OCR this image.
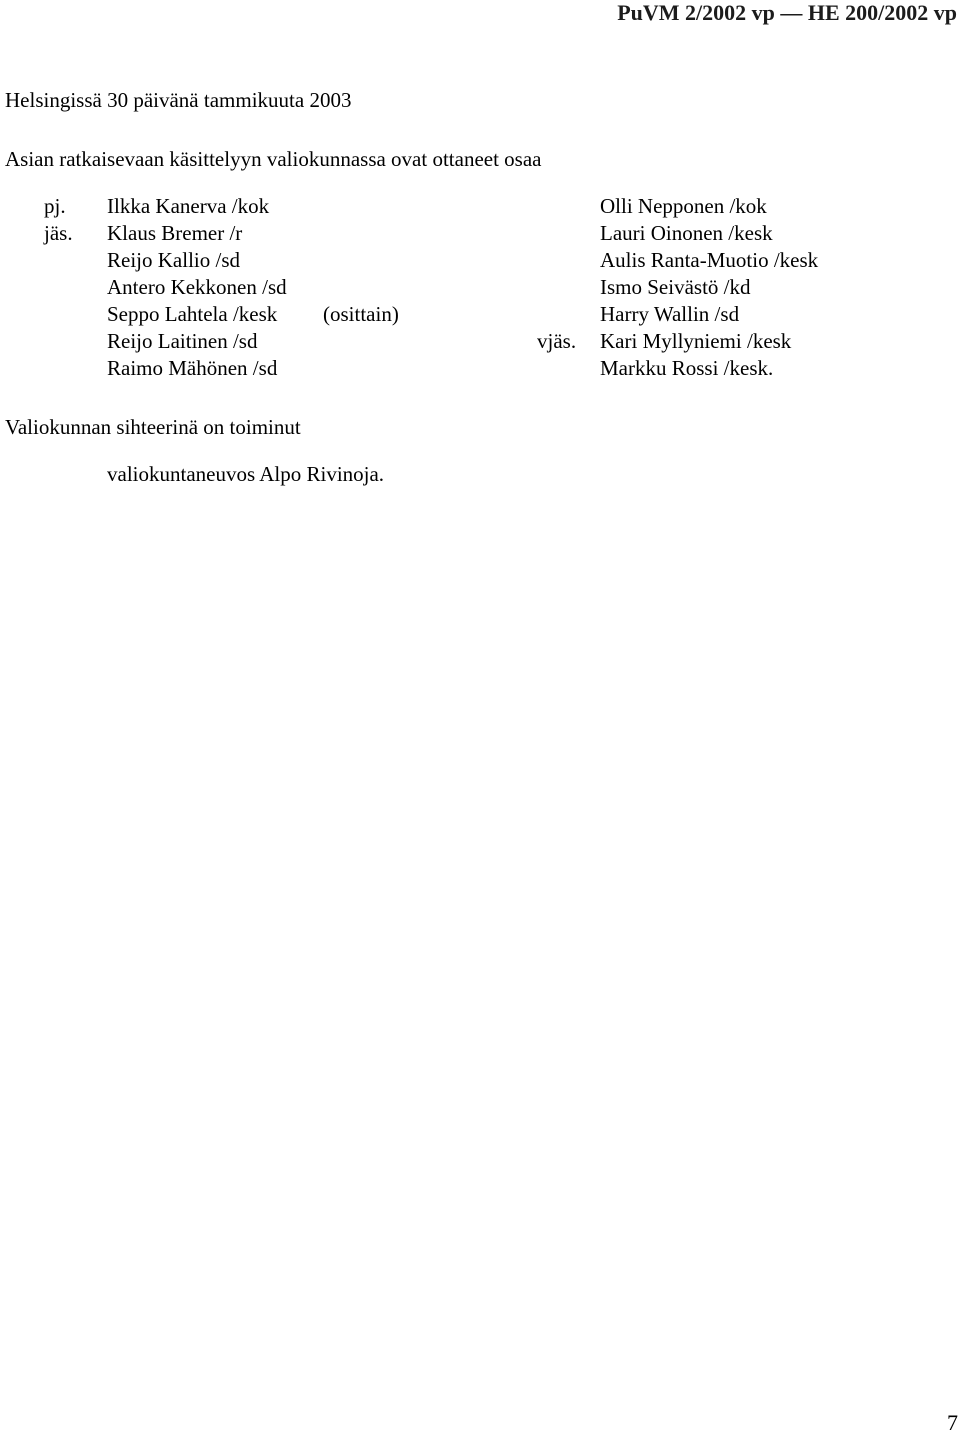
PuVM 2/2002 vp — HE 200/2002 vp
Helsingissä 30 päivänä tammikuuta 2003
Asian ratkaisevaan käsittelyyn valiokunnassa ovat ottaneet osaa
pj. Ilkka Kanerva /kok	Olli Nepponen /kok
jäs. Klaus Bremer /r	Lauri Oinonen /kesk
Reijo Kallio /sd	Aulis Ranta-Muotio /kesk
Antero Kekkonen /sd	Ismo Seivästö /kd
Seppo Lahtela /kesk (osittain)	Harry Wallin /sd
Reijo Laitinen /sd	vjäs. Kari Myllyniemi /kesk
Raimo Mähönen /sd	Markku Rossi /kesk.
Valiokunnan sihteerinä on toiminut
valiokuntaneuvos Alpo Rivinoja.
7
